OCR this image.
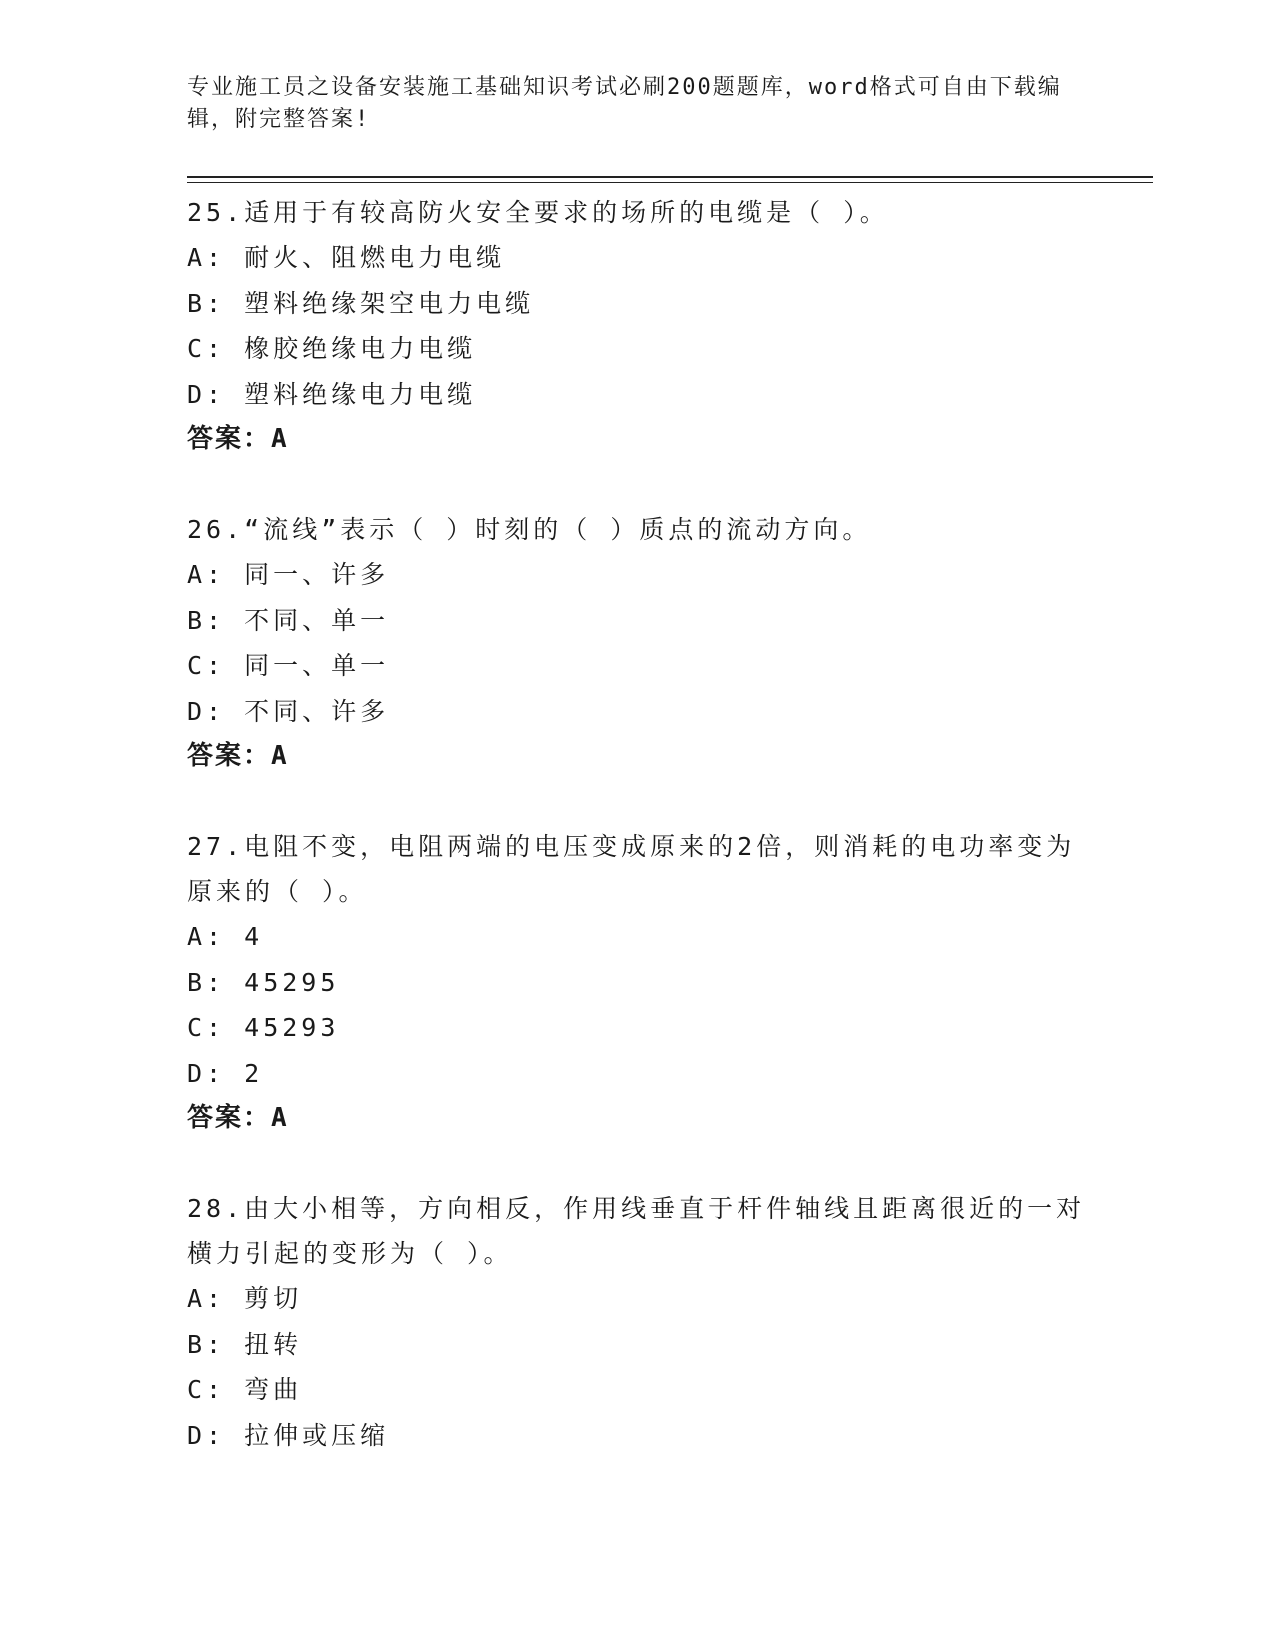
专业施工员之设备安装施工基础知识考试必刷200题题库，word格式可自由下载编辑，附完整答案!
25.适用于有较高防火安全要求的场所的电缆是（ ）。
A: 耐火、阻燃电力电缆
B: 塑料绝缘架空电力电缆
C: 橡胶绝缘电力电缆
D: 塑料绝缘电力电缆
答案：A
26.“流线”表示（ ）时刻的（ ）质点的流动方向。
A: 同一、许多
B: 不同、单一
C: 同一、单一
D: 不同、许多
答案：A
27.电阻不变，电阻两端的电压变成原来的2倍，则消耗的电功率变为原来的（ ）。
A: 4
B: 45295
C: 45293
D: 2
答案：A
28.由大小相等，方向相反，作用线垂直于杆件轴线且距离很近的一对横力引起的变形为（ ）。
A: 剪切
B: 扭转
C: 弯曲
D: 拉伸或压缩
